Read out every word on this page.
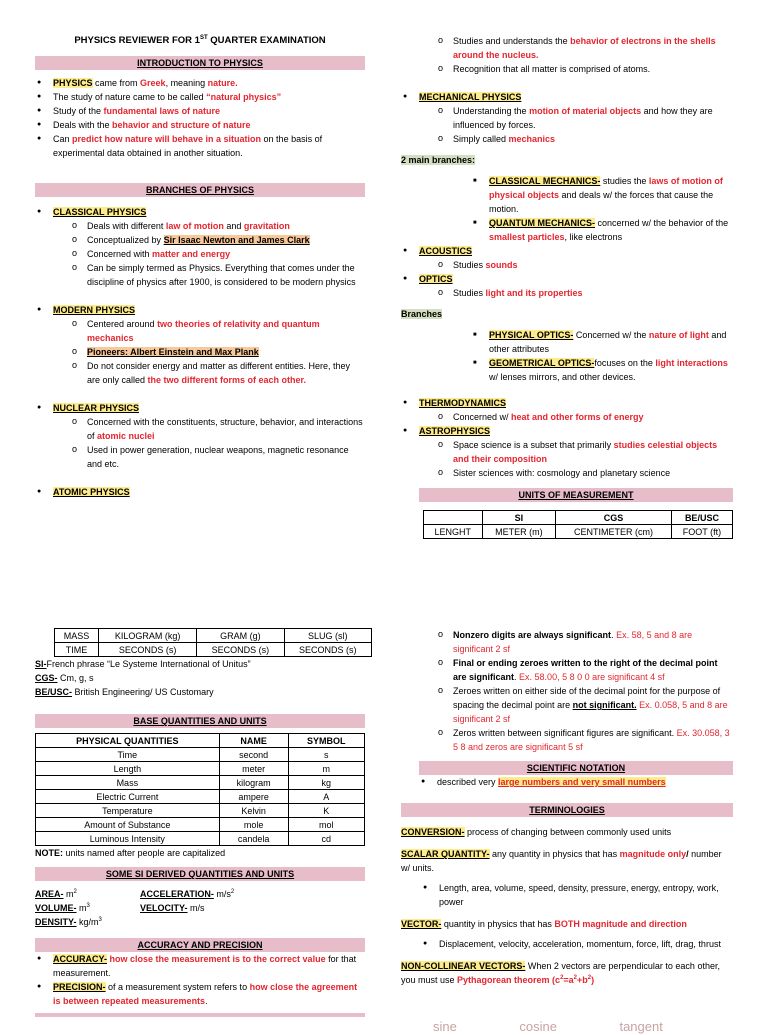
PHYSICS REVIEWER FOR 1ST QUARTER EXAMINATION

INTRODUCTION TO PHYSICS
● PHYSICS came from Greek, meaning nature.
● The study of nature came to be called “natural physics”
● Study of the fundamental laws of nature
● Deals with the behavior and structure of nature
● Can predict how nature will behave in a situation on the basis of experimental data obtained in another situation.
BRANCHES OF PHYSICS
● CLASSICAL PHYSICS
o Deals with different law of motion and gravitation
o Conceptualized by Sir Isaac Newton and James Clark
o Concerned with matter and energy
o Can be simply termed as Physics. Everything that comes under the discipline of physics after 1900, is considered to be modern physics
● MODERN PHYSICS
o Centered around two theories of relativity and quantum mechanics
o Pioneers: Albert Einstein and Max Plank
o Do not consider energy and matter as different entities. Here, they are only called the two different forms of each other.
● NUCLEAR PHYSICS
o Concerned with the constituents, structure, behavior, and interactions of atomic nuclei
o Used in power generation, nuclear weapons, magnetic resonance and etc.
● ATOMIC PHYSICS
o Studies and understands the behavior of electrons in the shells around the nucleus.
o Recognition that all matter is comprised of atoms.
● MECHANICAL PHYSICS
o Understanding the motion of material objects and how they are influenced by forces.
o Simply called mechanics
2 main branches:
■ CLASSICAL MECHANICS- studies the laws of motion of physical objects and deals w/ the forces that cause the motion.
■ QUANTUM MECHANICS- concerned w/ the behavior of the smallest particles, like electrons
● ACOUSTICS
o Studies sounds
● OPTICS
o Studies light and its properties
Branches
■ PHYSICAL OPTICS- Concerned w/ the nature of light and other attributes
■ GEOMETRICAL OPTICS-focuses on the light interactions w/ lenses mirrors, and other devices.
● THERMODYNAMICS
o Concerned w/ heat and other forms of energy
● ASTROPHYSICS
o Space science is a subset that primarily studies celestial objects and their composition
o Sister sciences with: cosmology and planetary science
UNITS OF MEASUREMENT
	SI	CGS	BE/USC
LENGHT	METER (m)	CENTIMETER (cm)	FOOT (ft)
MASS	KILOGRAM (kg)	GRAM (g)	SLUG (sl)
TIME	SECONDS (s)	SECONDS (s)	SECONDS (s)
SI-French phrase “Le Systeme International of Unitus”
CGS- Cm, g, s
BE/USC- British Engineering/ US Customary
BASE QUANTITIES AND UNITS
PHYSICAL QUANTITIES	NAME	SYMBOL
Time	second	s
Length	meter	m
Mass	kilogram	kg
Electric Current	ampere	A
Temperature	Kelvin	K
Amount of Substance	mole	mol
Luminous Intensity	candela	cd
NOTE: units named after people are capitalized
SOME SI DERIVED QUANTITIES AND UNITS
AREA- $m^2$
VOLUME- $m^3$
DENSITY- $kg/m^3$
ACCELERATION- $m/s^2$
VELOCITY- m/s
ACCURACY AND PRECISION
● ACCURACY- how close the measurement is to the correct value for that measurement.
● PRECISION- of a measurement system refers to how close the agreement is between repeated measurements.
o Nonzero digits are always significant. Ex. 58, 5 and 8 are significant 2 sf
o Final or ending zeroes written to the right of the decimal point are significant. Ex. 58.00, 5 8 0 0 are significant 4 sf
o Zeroes written on either side of the decimal point for the purpose of spacing the decimal point are not significant. Ex. 0.058, 5 and 8 are significant 2 sf
o Zeros written between significant figures are significant. Ex. 30.058, 3 5 8 and zeros are significant 5 sf
SCIENTIFIC NOTATION
● described very large numbers and very small numbers
TERMINOLOGIES
CONVERSION- process of changing between commonly used units
SCALAR QUANTITY- any quantity in physics that has magnitude only/ number w/ units.
● Length, area, volume, speed, density, pressure, energy, entropy, work, power
VECTOR- quantity in physics that has BOTH magnitude and direction
● Displacement, velocity, acceleration, momentum, force, lift, drag, thrust
NON-COLLINEAR VECTORS- When 2 vectors are perpendicular to each other, you must use Pythagorean theorem $(c^2=a^2+b^2)$
sine	cosine	tangent
